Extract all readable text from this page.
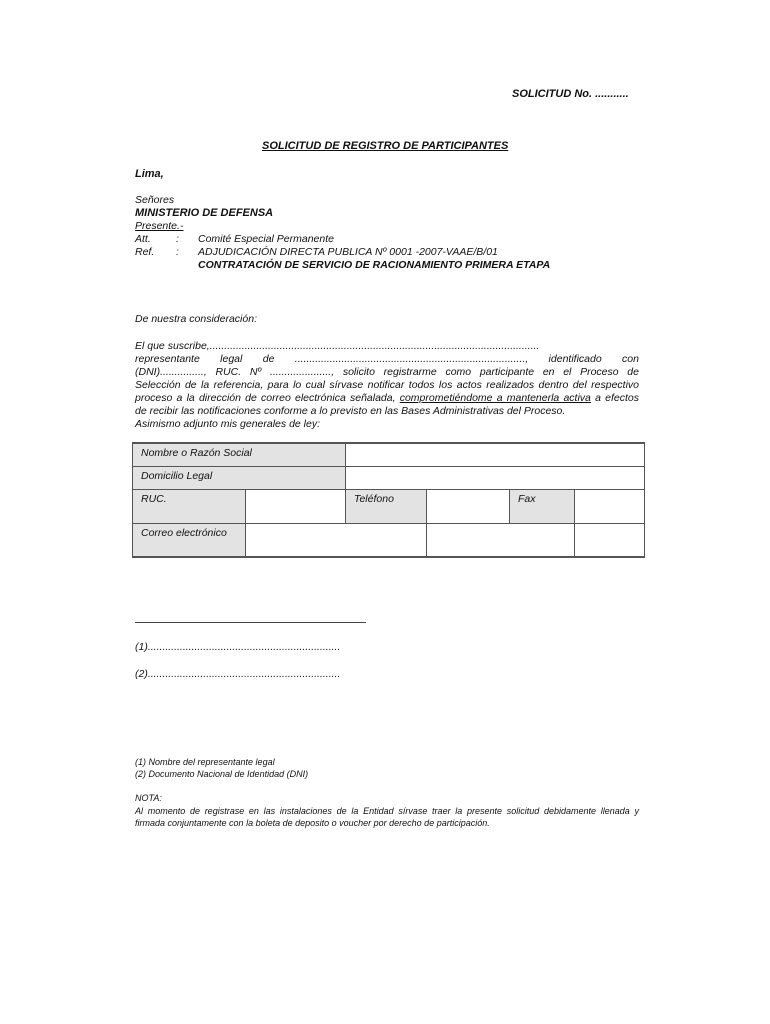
SOLICITUD No. ...........
SOLICITUD DE REGISTRO DE PARTICIPANTES
Lima,
Señores
MINISTERIO DE DEFENSA
Presente.-
Att. : Comité Especial Permanente
Ref. : ADJUDICACIÓN DIRECTA PUBLICA Nº 0001 -2007-VAAE/B/01
CONTRATACIÓN DE SERVICIO DE RACIONAMIENTO PRIMERA ETAPA
De nuestra consideración:
El que suscribe,.................................................................................................................
representante legal de ..............................................................................., identificado con
(DNI)..............., RUC. Nº ....................., solicito registrarme como participante en el Proceso de
Selección de la referencia, para lo cual sírvase notificar todos los actos realizados dentro del respectivo
proceso a la dirección de correo electrónica señalada, comprometiéndome a mantenerla activa a efectos
de recibir las notificaciones conforme a lo previsto en las Bases Administrativas del Proceso.
Asimismo adjunto mis generales de ley:
Nombre o Razón Social					
Domicilio Legal					
RUC.		Teléfono		Fax	
Correo electrónico					
(1)..................................................................
(2)..................................................................
(1) Nombre del representante legal
(2) Documento Nacional de Identidad (DNI)
NOTA:
Al momento de registrase en las instalaciones de la Entidad sírvase traer la presente solicitud debidamente llenada y
firmada conjuntamente con la boleta de deposito o voucher por derecho de participación.
